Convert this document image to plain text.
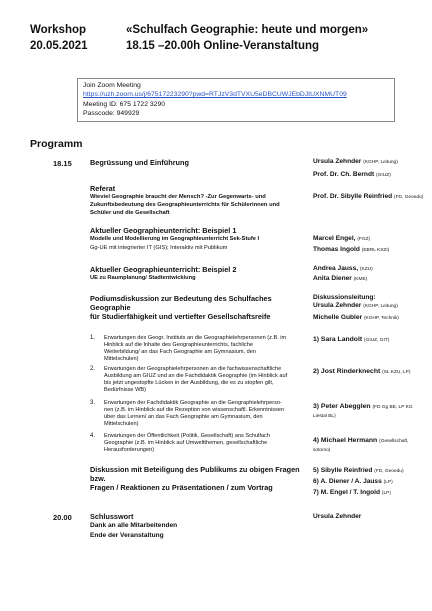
Workshop
20.05.2021
«Schulfach Geographie: heute und morgen»
18.15 –20.00h Online-Veranstaltung
Join Zoom Meeting
https://uzh.zoom.us/j/67517223290?pwd=RTJzV3dTVXU5eDBCUWJEbDJtUXNMUT09
Meeting ID: 675 1722 3290
Passcode: 949929
Programm
18.15 Begrüssung und Einführung	Ursula Zehnder (KGHP, Leitung)
Prof. Dr. Ch. Berndt (GIUZ)
Referat
Wieviel Geographie braucht der Mensch? -Zur Gegenwarts- und
Zukunftsbedeutung des Geographieunterrichts für Schülerinnen und
Schüler und die Gesellschaft
Prof. Dr. Sibylle Reinfried (FD, Geoedu)
Aktueller Geographieunterricht: Beispiel 1
Modelle und Modellierung im Geographieunterricht Sek-Stufe I
Gg-UE mit integrierter IT (GIS); Interaktiv mit Publikum
Marcel Engel, (FGZ)
Thomas Ingold (EBRL KSZI)
Aktueller Geographieunterricht: Beispiel 2
UE zu Raumplanung/ Stadtentwicklung
Andrea Jauss, (KZU)
Anita Diener (KME)
Podiumsdiskussion zur Bedeutung des Schulfaches Geographie
für Studierfähigkeit und vertiefter Gesellschaftsreife
Diskussionsleitung:
Ursula Zehnder (KGHP, Leitung)
Michelle Gubler (KGHP, Technik)
1. Erwartungen des Geogr. Instituts an die Geographielehrpersonen (z.B. im
Hinblick auf die Inhalte des Geographieunterrichts, fachliche
Weiterbildung/ an das Fach Geographie am Gymnasium, den
Mittelschulen)
1) Sara Landolt (GIUZ, GIT)
2. Erwartungen der Geographielehrpersonen an die fachwissenschaftliche
Ausbildung am GIUZ und an die Fachdidaktik Geographie (im Hinblick auf
bis jetzt ungestopfte Lücken in der Ausbildung, die es zu stopfen gilt,
Bedürfnisse WB)
2) Jost Rinderknecht (SL KZU, LP)
3. Erwartungen der Fachdidaktik Geographie an die Geographielehrperso-
nen (z.B. im Hinblick auf die Rezeption von wissenschaftl. Erkenntnissen
über das Lernen/ an das Fach Geographie am Gymnasium, den
Mittelschulen)
3) Peter Abegglen (FD Gg BE, LP KG Liestal BL)
4. Erwartungen der Öffentlichkeit (Politik, Gesellschaft) ans Schulfach
Geographie (z.B. im Hinblick auf Umweltthemen, gesellschaftliche
Herausforderungen)
4) Michael Hermann (Gesellschaft, sotomo)
Diskussion mit Beteiligung des Publikums zu obigen Fragen bzw.
Fragen / Reaktionen zu Präsentationen / zum Vortrag
5) Sibylle Reinfried (FD, Geoedu)
6) A. Diener / A. Jauss (LP)
7) M. Engel / T. Ingold (LP)
20.00 Schlusswort
Dank an alle Mitarbeitenden
Ende der Veranstaltung
Ursula Zehnder
